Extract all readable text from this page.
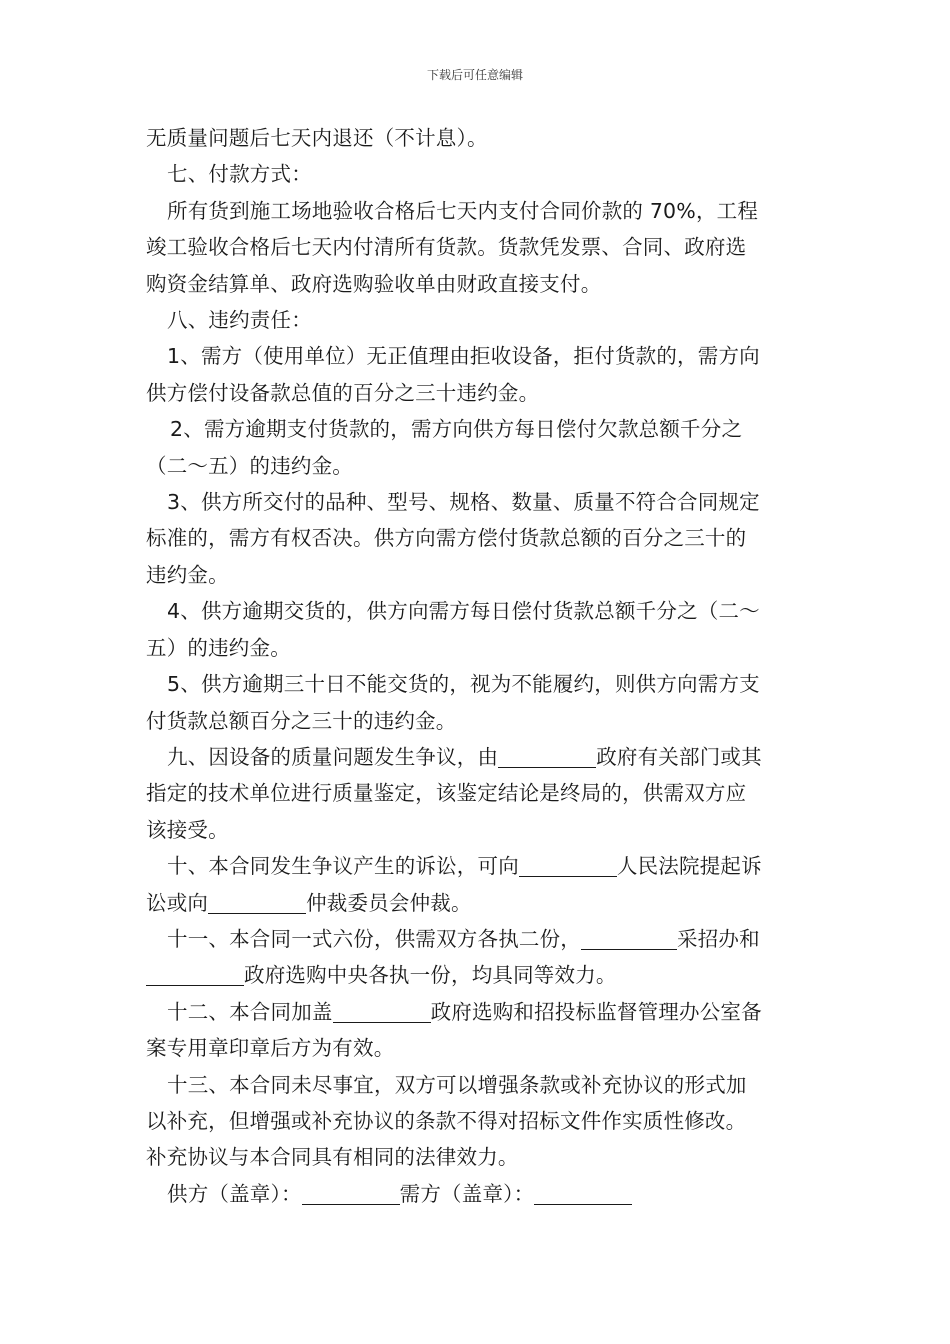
下载后可任意编辑

无质量问题后七天内退还（不计息）。

七、付款方式：

所有货到施工场地验收合格后七天内支付合同价款的 70%，工程

竣工验收合格后七天内付清所有货款。货款凭发票、合同、政府选

购资金结算单、政府选购验收单由财政直接支付。

八、违约责任：

1、需方（使用单位）无正值理由拒收设备，拒付货款的，需方向

供方偿付设备款总值的百分之三十违约金。

2、需方逾期支付货款的，需方向供方每日偿付欠款总额千分之

（二～五）的违约金。

3、供方所交付的品种、型号、规格、数量、质量不符合合同规定

标准的，需方有权否决。供方向需方偿付货款总额的百分之三十的

违约金。

4、供方逾期交货的，供方向需方每日偿付货款总额千分之（二～

五）的违约金。

5、供方逾期三十日不能交货的，视为不能履约，则供方向需方支

付货款总额百分之三十的违约金。

九、因设备的质量问题发生争议，由	政府有关部门或其

指定的技术单位进行质量鉴定，该鉴定结论是终局的，供需双方应

该接受。

十、本合同发生争议产生的诉讼，可向	人民法院提起诉

讼或向	仲裁委员会仲裁。

十一、本合同一式六份，供需双方各执二份，	采招办和

政府选购中央各执一份，均具同等效力。

十二、本合同加盖	政府选购和招投标监督管理办公室备

案专用章印章后方为有效。

十三、本合同未尽事宜，双方可以增强条款或补充协议的形式加

以补充，但增强或补充协议的条款不得对招标文件作实质性修改。

补充协议与本合同具有相同的法律效力。

供方（盖章）：	需方（盖章）：
